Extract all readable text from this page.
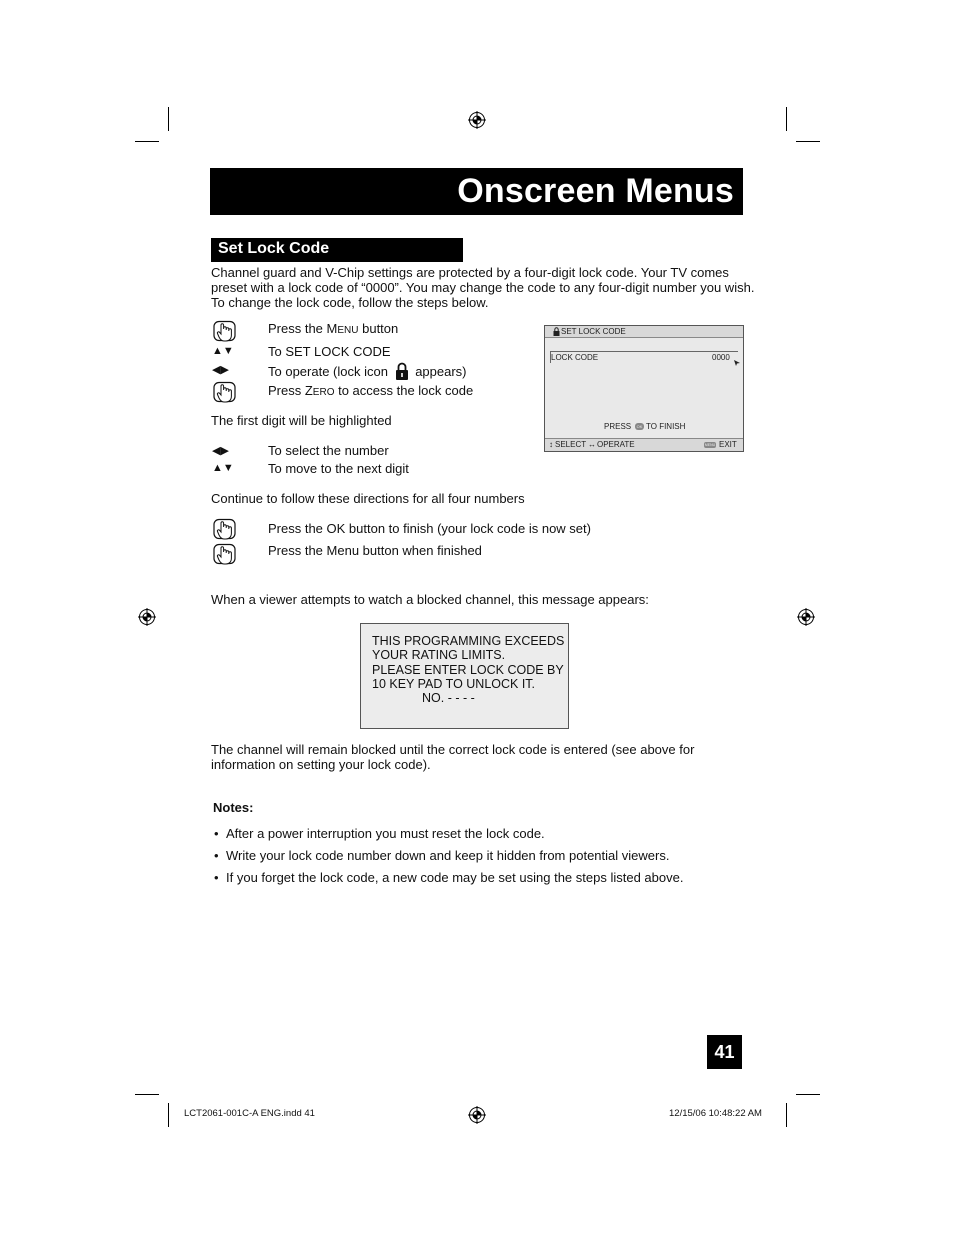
Onscreen Menus
Set Lock Code
Channel guard and V-Chip settings are protected by a four-digit lock code. Your TV comes
preset with a lock code of “0000”. You may change the code to any four-digit number you wish.
To change the lock code, follow the steps below.
Press the MENU button
▲▼	To SET LOCK CODE
◀▶	To operate (lock icon appears)
Press ZERO to access the lock code
The first digit will be highlighted
◀▶	To select the number
▲▼	To move to the next digit
Continue to follow these directions for all four numbers
Press the OK button to finish (your lock code is now set)
Press the Menu button when finished
SET LOCK CODE
LOCK CODE	0000
PRESS	OK TO FINISH
↕ SELECT ↔ OPERATE	MENU EXIT
When a viewer attempts to watch a blocked channel, this message appears:
THIS PROGRAMMING EXCEEDS
YOUR RATING LIMITS.
PLEASE ENTER LOCK CODE BY
10 KEY PAD TO UNLOCK IT.
NO. - - - -
The channel will remain blocked until the correct lock code is entered (see above for
information on setting your lock code).
Notes:
• After a power interruption you must reset the lock code.
• Write your lock code number down and keep it hidden from potential viewers.
• If you forget the lock code, a new code may be set using the steps listed above.
41
LCT2061-001C-A ENG.indd 41	12/15/06 10:48:22 AM
